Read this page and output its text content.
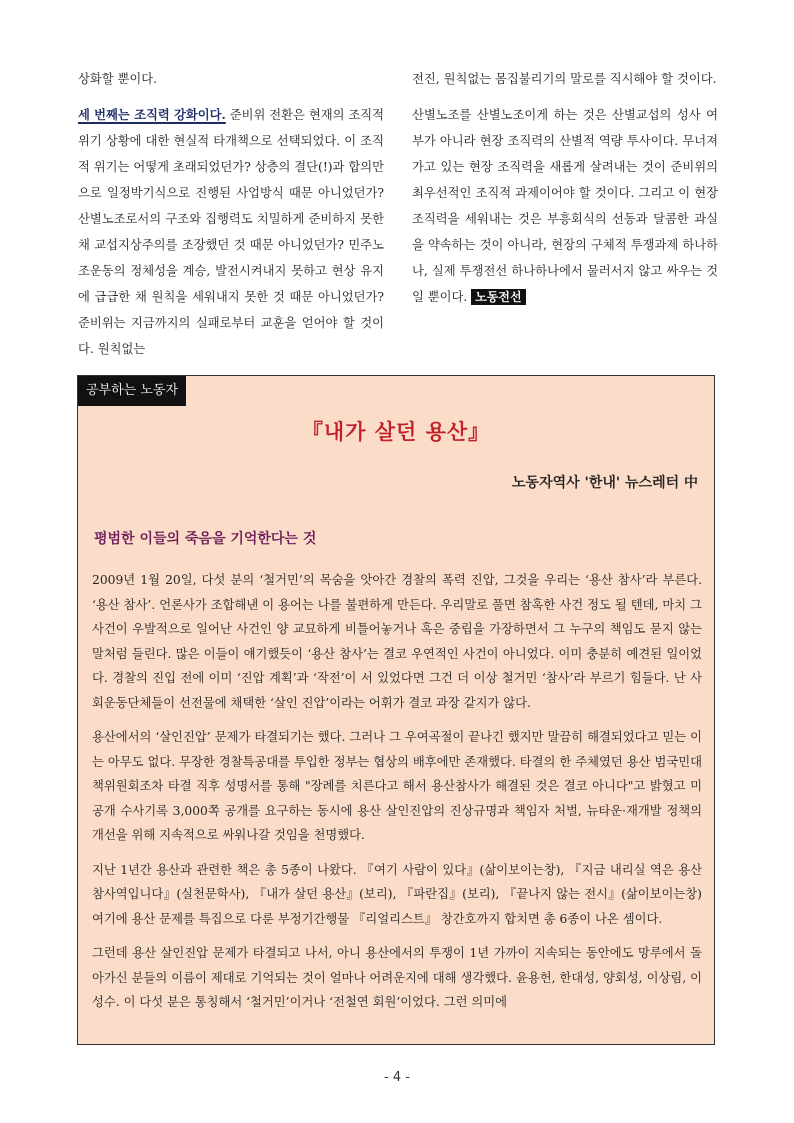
상화할 뿐이다.

세 번째는 조직력 강화이다. 준비위 전환은 현재의 조직적 위기 상황에 대한 현실적 타개책으로 선택되었다. 이 조직적 위기는 어떻게 초래되었던가? 상층의 결단(!)과 합의만으로 일정박기식으로 진행된 사업방식 때문 아니었던가? 산별노조로서의 구조와 집행력도 치밀하게 준비하지 못한 채 교섭지상주의를 조장했던 것 때문 아니었던가? 민주노조운동의 정체성을 계승, 발전시켜내지 못하고 현상 유지에 급급한 채 원칙을 세워내지 못한 것 때문 아니었던가? 준비위는 지금까지의 실패로부터 교훈을 얻어야 할 것이다. 원칙없는

전진, 원칙없는 몸집불리기의 말로를 직시해야 할 것이다.

산별노조를 산별노조이게 하는 것은 산별교섭의 성사 여부가 아니라 현장 조직력의 산별적 역량 투사이다. 무너져가고 있는 현장 조직력을 새롭게 살려내는 것이 준비위의 최우선적인 조직적 과제이어야 할 것이다. 그리고 이 현장 조직력을 세워내는 것은 부흥회식의 선동과 달콤한 과실을 약속하는 것이 아니라, 현장의 구체적 투쟁과제 하나하나, 실제 투쟁전선 하나하나에서 물러서지 않고 싸우는 것일 뿐이다. 노동전선

공부하는 노동자
『내가 살던 용산』
노동자역사 '한내' 뉴스레터 中
평범한 이들의 죽음을 기억한다는 것

2009년 1월 20일, 다섯 분의 ‘철거민’의 목숨을 앗아간 경찰의 폭력 진압, 그것을 우리는 ‘용산 참사’라 부른다. ‘용산 참사’. 언론사가 조합해낸 이 용어는 나를 불편하게 만든다. 우리말로 풀면 참혹한 사건 정도 될 텐데, 마치 그 사건이 우발적으로 일어난 사건인 양 교묘하게 비틀어놓거나 혹은 중립을 가장하면서 그 누구의 책임도 묻지 않는 말처럼 들린다. 많은 이들이 얘기했듯이 ‘용산 참사’는 결코 우연적인 사건이 아니었다. 이미 충분히 예견된 일이었다. 경찰의 진입 전에 이미 ‘진압 계획’과 ‘작전’이 서 있었다면 그건 더 이상 철거민 ‘참사’라 부르기 힘들다. 난 사회운동단체들이 선전물에 채택한 ‘살인 진압’이라는 어휘가 결코 과장 같지가 않다.

용산에서의 ‘살인진압’ 문제가 타결되기는 했다. 그러나 그 우여곡절이 끝나긴 했지만 말끔히 해결되었다고 믿는 이는 아무도 없다. 무장한 경찰특공대를 투입한 정부는 협상의 배후에만 존재했다. 타결의 한 주체였던 용산 범국민대책위원회조차 타결 직후 성명서를 통해 "장례를 치른다고 해서 용산참사가 해결된 것은 결코 아니다"고 밝혔고 미공개 수사기록 3,000쪽 공개를 요구하는 동시에 용산 살인진압의 진상규명과 책임자 처벌, 뉴타운·재개발 정책의 개선을 위해 지속적으로 싸워나갈 것임을 천명했다.

지난 1년간 용산과 관련한 책은 총 5종이 나왔다. 『여기 사람이 있다』(삶이보이는창), 『지금 내리실 역은 용산참사역입니다』(실천문학사), 『내가 살던 용산』(보리), 『파란집』(보리), 『끝나지 않는 전시』(삶이보이는창) 여기에 용산 문제를 특집으로 다룬 부정기간행물 『리얼리스트』 창간호까지 합치면 총 6종이 나온 셈이다.

그런데 용산 살인진압 문제가 타결되고 나서, 아니 용산에서의 투쟁이 1년 가까이 지속되는 동안에도 망루에서 돌아가신 분들의 이름이 제대로 기억되는 것이 얼마나 어려운지에 대해 생각했다. 윤용헌, 한대성, 양회성, 이상림, 이성수. 이 다섯 분은 통칭해서 ‘철거민’이거나 ‘전철연 회원’이었다. 그런 의미에

- 4 -
